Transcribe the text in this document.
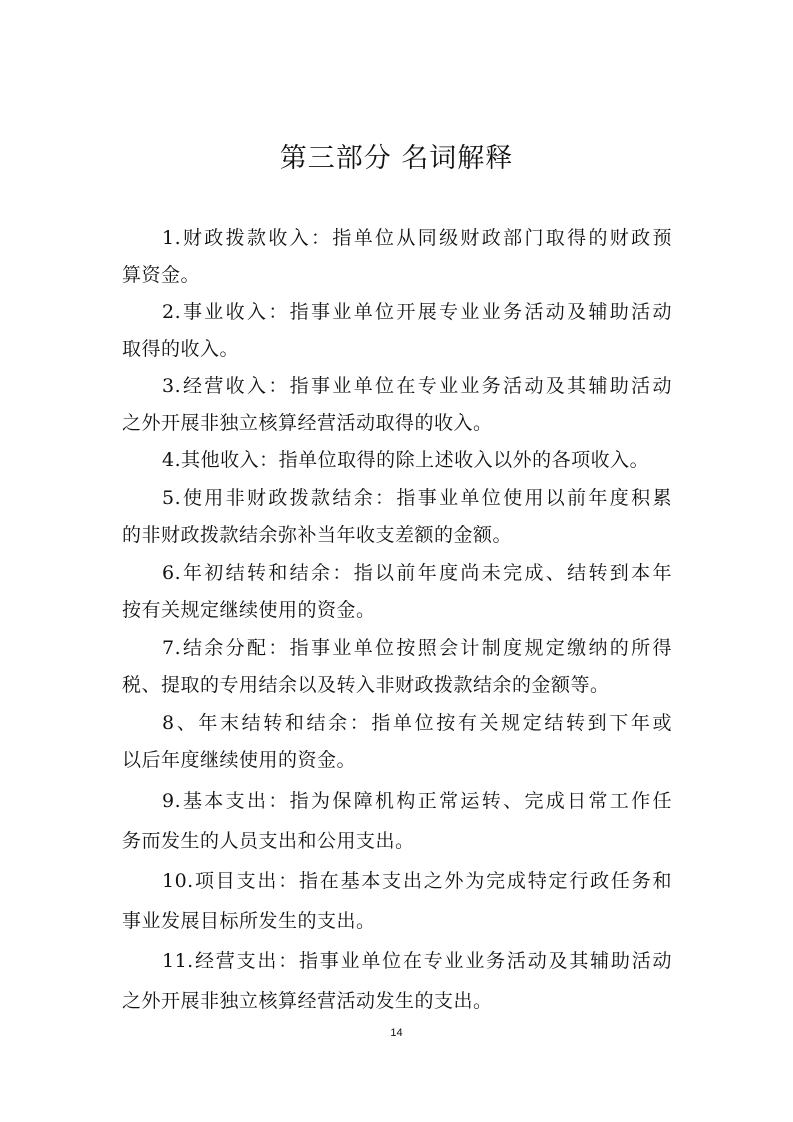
第三部分 名词解释

1.财政拨款收入：指单位从同级财政部门取得的财政预
算资金。

2.事业收入：指事业单位开展专业业务活动及辅助活动
取得的收入。

3.经营收入：指事业单位在专业业务活动及其辅助活动
之外开展非独立核算经营活动取得的收入。

4.其他收入：指单位取得的除上述收入以外的各项收入。

5.使用非财政拨款结余：指事业单位使用以前年度积累
的非财政拨款结余弥补当年收支差额的金额。

6.年初结转和结余：指以前年度尚未完成、结转到本年
按有关规定继续使用的资金。

7.结余分配：指事业单位按照会计制度规定缴纳的所得
税、提取的专用结余以及转入非财政拨款结余的金额等。

8、年末结转和结余：指单位按有关规定结转到下年或
以后年度继续使用的资金。

9.基本支出：指为保障机构正常运转、完成日常工作任
务而发生的人员支出和公用支出。

10.项目支出：指在基本支出之外为完成特定行政任务和
事业发展目标所发生的支出。

11.经营支出：指事业单位在专业业务活动及其辅助活动
之外开展非独立核算经营活动发生的支出。

14
